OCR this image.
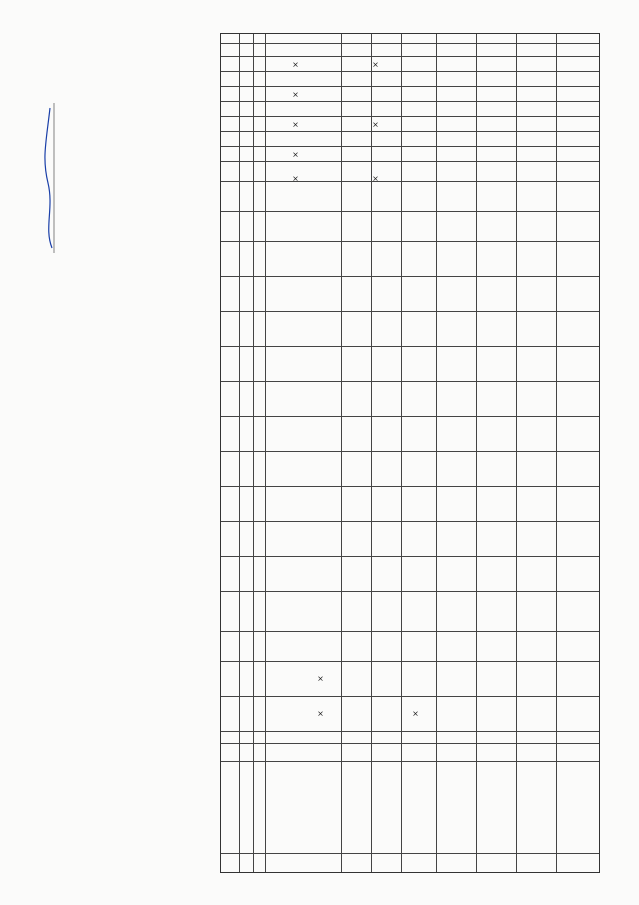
×
×
×
×
×
×
×
×
×	×
×
